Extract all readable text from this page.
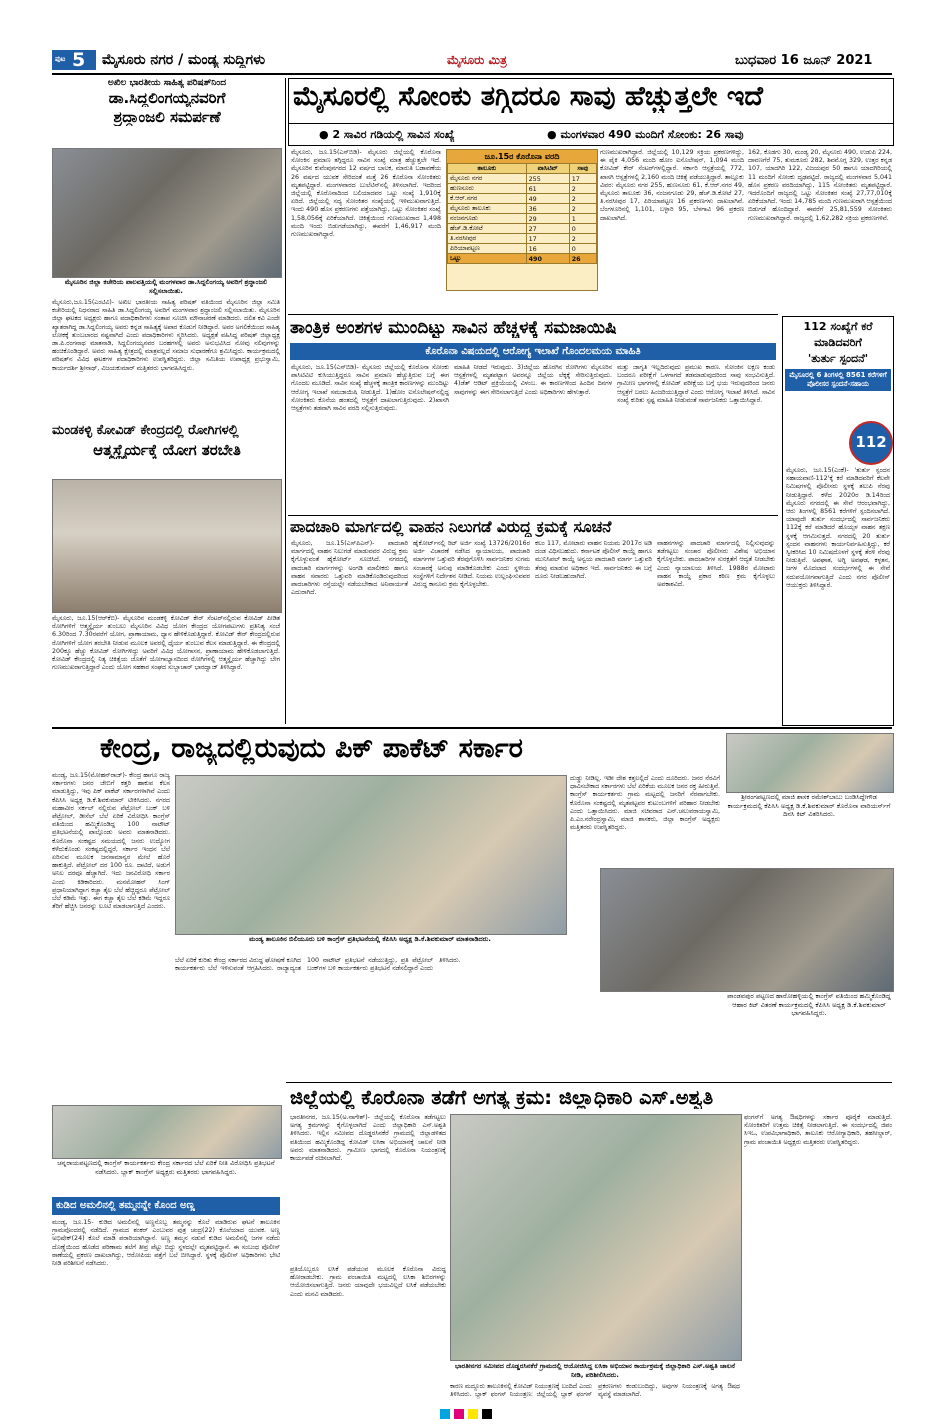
ಪುಟ 5 ಮೈಸೂರು ನಗರ / ಮಂಡ್ಯ ಸುದ್ದಿಗಳು	ಮೈಸೂರು ಮಿತ್ರ	ಬುಧವಾರ 16 ಜೂನ್ 2021
ಅಖಿಲ ಭಾರತೀಯ ಸಾಹಿತ್ಯ ಪರಿಷತ್‌ನಿಂದ
ಡಾ.ಸಿದ್ದಲಿಂಗಯ್ಯನವರಿಗೆ
ಶ್ರದ್ಧಾಂಜಲಿ ಸಮರ್ಪಣೆ
ಮೈಸೂರಿನ ಜಿಲ್ಲಾ ಕಚೇರಿಯ ಪಾಲವತ್ತಿಯಲ್ಲಿ ಮಂಗಳವಾರ ಡಾ.ಸಿದ್ದಲಿಂಗಯ್ಯ ಅವರಿಗೆ ಶ್ರದ್ಧಾಂಜಲಿ ಸಲ್ಲಿಸಲಾಯಿತು.
ಮೈಸೂರು,ಜೂ.15(ಎಂಟಿವಿ)- ಅಖಿಲ ಭಾರತೀಯ ಸಾಹಿತ್ಯ ಪರಿಷತ್ ವತಿಯಿಂದ ಮೈಸೂರಿನ ಜಿಲ್ಲಾ ಸಮಿತಿ ಕಚೇರಿಯಲ್ಲಿ ನಿಧನರಾದ ಸಾಹಿತಿ ಡಾ.ಸಿದ್ದಲಿಂಗಯ್ಯ ಅವರಿಗೆ ಮಂಗಳವಾರ ಶ್ರದ್ಧಾಂಜಲಿ ಸಲ್ಲಿಸಲಾಯಿತು. ಮೈಸೂರಿನ ಜಿಲ್ಲಾ ಘಟಕದ ಅಧ್ಯಕ್ಷರು ಹಾಗೂ ಪದಾಧಿಕಾರಿಗಳು ಸಂತಾಪ ಸೂಚಿಸಿ ಮೌನಾಚರಣೆ ಮಾಡಿದರು. ದಲಿತ ಕವಿ ಎಂದೇ ಖ್ಯಾತರಾಗಿದ್ದ ಡಾ.ಸಿದ್ದಲಿಂಗಯ್ಯ ಅವರು ಕನ್ನಡ ಸಾಹಿತ್ಯಕ್ಕೆ ಅಪಾರ ಕೊಡುಗೆ ನೀಡಿದ್ದಾರೆ. ಅವರ ಅಗಲಿಕೆಯಿಂದ ಸಾಹಿತ್ಯ ಲೋಕಕ್ಕೆ ತುಂಬಲಾರದ ನಷ್ಟವಾಗಿದೆ ಎಂದು ಪದಾಧಿಕಾರಿಗಳು ಸ್ಮರಿಸಿದರು. ಅಧ್ಯಕ್ಷತೆ ವಹಿಸಿದ್ದ ಪರಿಷತ್ ಜಿಲ್ಲಾಧ್ಯಕ್ಷ ಡಾ.ಪಿ.ರಂಗನಾಥ ಮಾತನಾಡಿ, ಸಿದ್ದಲಿಂಗಯ್ಯನವರ ಬರಹಗಳಲ್ಲಿ ಅವರು ಅನುಭವಿಸಿದ ನೋವು ನಲಿವುಗಳನ್ನು ಹಂಚಿಕೊಂಡಿದ್ದಾರೆ. ಅವರು ಸಾಹಿತ್ಯ ಕ್ಷೇತ್ರದಲ್ಲಿ ಮಾತ್ರವಲ್ಲದೆ ಸಮಾಜ ಸುಧಾರಣೆಗೂ ಶ್ರಮಿಸಿದ್ದರು. ಕಾರ್ಯಕ್ರಮದಲ್ಲಿ ಪರಿಷತ್‌ನ ವಿವಿಧ ಘಟಕಗಳ ಪದಾಧಿಕಾರಿಗಳು ಉಪಸ್ಥಿತರಿದ್ದರು. ಜಿಲ್ಲಾ ಸಮಿತಿಯ ಉಪಾಧ್ಯಕ್ಷ ಪ್ರಭುಸ್ವಾಮಿ, ಕಾರ್ಯದರ್ಶಿ ಶ್ರೀನಾಥ್, ವಿಜಯಕುಮಾರ್ ಮತ್ತಿತರರು ಭಾಗವಹಿಸಿದ್ದರು.
ಮಂಡಕಳ್ಳಿ ಕೋವಿಡ್ ಕೇಂದ್ರದಲ್ಲಿ ರೋಗಿಗಳಲ್ಲಿ
ಆತ್ಮಸ್ಥೈರ್ಯಕ್ಕೆ ಯೋಗ ತರಬೇತಿ
ಮೈಸೂರು, ಜೂ.15(ಆರ್‌ಕೆಬಿ)- ಮೈಸೂರಿನ ಮಂಡಕಳ್ಳಿ ಕೋವಿಡ್ ಕೇರ್ ಸೆಂಟರ್‌ನಲ್ಲಿರುವ ಕೋವಿಡ್ ಪೀಡಿತ ರೋಗಿಗಳಿಗೆ ಆತ್ಮಸ್ಥೈರ್ಯ ತುಂಬಲು ಮೈಸೂರಿನ ವಿವಿಧ ಯೋಗ ಕೇಂದ್ರದ ಯೋಗಪಟುಗಳು ಪ್ರತಿನಿತ್ಯ ಸಂಜೆ 6.30ರಿಂದ 7.30ರವರೆಗೆ ಯೋಗ, ಪ್ರಾಣಾಯಾಮ, ಧ್ಯಾನ ಹೇಳಿಕೊಡುತ್ತಿದ್ದಾರೆ. ಕೋವಿಡ್ ಕೇರ್ ಕೇಂದ್ರದಲ್ಲಿರುವ ರೋಗಿಗಳಿಗೆ ಯೋಗ ತರಬೇತಿ ನೀಡುವ ಮೂಲಕ ಅವರಲ್ಲಿ ಧೈರ್ಯ ತುಂಬುವ ಕೆಲಸ ಮಾಡುತ್ತಿದ್ದಾರೆ. ಈ ಕೇಂದ್ರದಲ್ಲಿ 200ಕ್ಕೂ ಹೆಚ್ಚು ಕೋವಿಡ್ ರೋಗಿಗಳಿದ್ದು ಅವರಿಗೆ ವಿವಿಧ ಯೋಗಾಸನ, ಪ್ರಾಣಾಯಾಮ ಹೇಳಿಕೊಡಲಾಗುತ್ತಿದೆ. ಕೋವಿಡ್ ಕೇಂದ್ರದಲ್ಲಿ ನಿತ್ಯ ಚಿಕಿತ್ಸೆಯ ಜೊತೆಗೆ ಯೋಗಾಭ್ಯಾಸದಿಂದ ರೋಗಿಗಳಲ್ಲಿ ಆತ್ಮಸ್ಥೈರ್ಯ ಹೆಚ್ಚಾಗಿದ್ದು ಬೇಗ ಗುಣಮುಖರಾಗುತ್ತಿದ್ದಾರೆ ಎಂದು ಯೋಗ ಸಹಕಾರ ಸಂಘದ ಸುಬ್ಬಾಚಾರ್ ಭಾರದ್ವಾಜ್ ತಿಳಿಸಿದ್ದಾರೆ.
ಮೈಸೂರಲ್ಲಿ ಸೋಂಕು ತಗ್ಗಿದರೂ ಸಾವು ಹೆಚ್ಚುತ್ತಲೇ ಇದೆ
● 2 ಸಾವಿರ ಗಡಿಯಲ್ಲಿ ಸಾವಿನ ಸಂಖ್ಯೆ	● ಮಂಗಳವಾರ 490 ಮಂದಿಗೆ ಸೋಂಕು: 26 ಸಾವು
ಮೈಸೂರು, ಜೂ.15(ಎಸ್‌ಬಿಡಿ)- ಮೈಸೂರು ಜಿಲ್ಲೆಯಲ್ಲಿ ಕೊರೊನಾ ಸೋಂಕಿನ ಪ್ರಮಾಣ ತಗ್ಗಿದ್ದರೂ ಸಾವಿನ ಸಂಖ್ಯೆ ಮಾತ್ರ ಹೆಚ್ಚುತ್ತಲೇ ಇದೆ. ಮೈಸೂರಿನ ಕುವೆಂಪುನಗರದ 12 ವರ್ಷದ ಬಾಲಕ, ಮಾರುತಿ ಬಡಾವಣೆಯ 26 ವರ್ಷದ ಯುವಕ ಸೇರಿದಂತೆ ಮತ್ತೆ 26 ಕೊರೊನಾ ಸೋಂಕಿತರು ಮೃತಪಟ್ಟಿದ್ದಾರೆ. ಮಂಗಳವಾರದ ಬುಲೆಟಿನ್‌ನಲ್ಲಿ ತಿಳಿಸಲಾಗಿದೆ. ಇದರಿಂದ ಜಿಲ್ಲೆಯಲ್ಲಿ ಕೊರೊನಾದಿಂದ ಬಲಿಯಾದವರ ಒಟ್ಟು ಸಂಖ್ಯೆ 1,910ಕ್ಕೆ ಏರಿದೆ. ಜಿಲ್ಲೆಯಲ್ಲಿ ಸದ್ಯ ಸೋಂಕಿತರ ಸಂಖ್ಯೆಯಲ್ಲಿ ಇಳಿಮುಖವಾಗುತ್ತಿದೆ. ಇಂದು 490 ಹೊಸ ಪ್ರಕರಣಗಳು ಪತ್ತೆಯಾಗಿದ್ದು, ಒಟ್ಟು ಸೋಂಕಿತರ ಸಂಖ್ಯೆ 1,58,056ಕ್ಕೆ ಏರಿಕೆಯಾಗಿದೆ. ಚಿಕಿತ್ಸೆಯಿಂದ ಗುಣಮುಖರಾದ 1,498 ಮಂದಿ ಇಂದು ಬಿಡುಗಡೆಯಾಗಿದ್ದು, ಈವರೆಗೆ 1,46,917 ಮಂದಿ ಗುಣಮುಖರಾಗಿದ್ದಾರೆ.
ಜೂ.15ರ ಕೊರೊನಾ ವರದಿ
ತಾಲೂಕು	ಪಾಸಿಟಿವ್	ಸಾವು
ಮೈಸೂರು ನಗರ	255	17
ಹುಣಸೂರು	61	2
ಕೆ.ಆರ್.ನಗರ	49	2
ಮೈಸೂರು ತಾಲೂಕು	36	2
ನಂಜನಗೂಡು	29	1
ಹೆಚ್.ಡಿ.ಕೋಟೆ	27	0
ತಿ.ನರಸೀಪುರ	17	2
ಪಿರಿಯಾಪಟ್ಟಣ	16	0
ಒಟ್ಟು	490	26
ಗುಣಮುಖರಾಗಿದ್ದಾರೆ. ಜಿಲ್ಲೆಯಲ್ಲಿ 10,129 ಸಕ್ರಿಯ ಪ್ರಕರಣಗಳಿದ್ದು, ಈ ಪೈಕಿ 4,056 ಮಂದಿ ಹೋಂ ಐಸೊಲೇಷನ್, 1,094 ಮಂದಿ ಕೋವಿಡ್ ಕೇರ್ ಸೆಂಟರ್‌ಗಳಲ್ಲಿದ್ದಾರೆ. ಸರ್ಕಾರಿ ಆಸ್ಪತ್ರೆಯಲ್ಲಿ 772, ಖಾಸಗಿ ಆಸ್ಪತ್ರೆಗಳಲ್ಲಿ 2,160 ಮಂದಿ ಚಿಕಿತ್ಸೆ ಪಡೆಯುತ್ತಿದ್ದಾರೆ. ತಾಲ್ಲೂಕು ವಿವರ: ಮೈಸೂರು ನಗರ 255, ಹುಣಸೂರು 61, ಕೆ.ಆರ್.ನಗರ 49, ಮೈಸೂರು ತಾಲೂಕು 36, ನಂಜನಗೂಡು 29, ಹೆಚ್.ಡಿ.ಕೋಟೆ 27, ತಿ.ನರಸೀಪುರ 17, ಪಿರಿಯಾಪಟ್ಟಣ 16 ಪ್ರಕರಣಗಳು ದಾಖಲಾಗಿವೆ. ಬೆಂಗಳೂರಿನಲ್ಲಿ 1,101, ಬಳ್ಳಾರಿ 95, ಬೆಳಗಾವಿ 96 ಪ್ರಕರಣ ದಾಖಲಾಗಿದೆ.
162, ಕೊಡಗು 30, ಮಂಡ್ಯ 20, ಮೈಸೂರು 490, ಉಡುಪಿ 224, ದಾವಣಗೆರೆ 75, ತುಮಕೂರು 282, ಶಿವಮೊಗ್ಗ 329, ಉತ್ತರ ಕನ್ನಡ 107, ಯಾದಗಿರಿ 122, ವಿಜಯಪುರ 50 ಹಾಗೂ ಯಾದಗಿರಿಯಲ್ಲಿ 11 ಮಂದಿಗೆ ಸೋಂಕು ದೃಢಪಟ್ಟಿದೆ. ರಾಜ್ಯದಲ್ಲಿ ಮಂಗಳವಾರ 5,041 ಹೊಸ ಪ್ರಕರಣ ವರದಿಯಾಗಿದ್ದು, 115 ಸೋಂಕಿತರು ಮೃತಪಟ್ಟಿದ್ದಾರೆ. ಇದರೊಂದಿಗೆ ರಾಜ್ಯದಲ್ಲಿ ಒಟ್ಟು ಸೋಂಕಿತರ ಸಂಖ್ಯೆ 27,77,010ಕ್ಕೆ ಏರಿಕೆಯಾಗಿದೆ. ಇಂದು 14,785 ಮಂದಿ ಗುಣಮುಖರಾಗಿ ಆಸ್ಪತ್ರೆಯಿಂದ ಬಿಡುಗಡೆ ಹೊಂದಿದ್ದಾರೆ. ಈವರೆಗೆ 25,81,559 ಸೋಂಕಿತರು ಗುಣಮುಖರಾಗಿದ್ದಾರೆ. ರಾಜ್ಯದಲ್ಲಿ 1,62,282 ಸಕ್ರಿಯ ಪ್ರಕರಣಗಳಿವೆ.
ತಾಂತ್ರಿಕ ಅಂಶಗಳ ಮುಂದಿಟ್ಟು ಸಾವಿನ ಹೆಚ್ಚಳಕ್ಕೆ ಸಮಜಾಯಿಷಿ
ಕೊರೊನಾ ವಿಷಯದಲ್ಲಿ ಆರೋಗ್ಯ ಇಲಾಖೆ ಗೊಂದಲಮಯ ಮಾಹಿತಿ
ಮೈಸೂರು, ಜೂ.15(ಎಸ್‌ಬಿಡಿ)- ಮೈಸೂರು ಜಿಲ್ಲೆಯಲ್ಲಿ ಕೊರೊನಾ ಸೋಂಕು ಪಾಸಿಟಿವಿಟಿ ಕುಸಿಯುತ್ತಿದ್ದರೂ ಸಾವಿನ ಪ್ರಮಾಣ ಹೆಚ್ಚುತ್ತಿರುವ ಬಗ್ಗೆ ಈಗ ಗೊಂದಲ ಮೂಡಿದೆ. ಸಾವಿನ ಸಂಖ್ಯೆ ಹೆಚ್ಚಳಕ್ಕೆ ತಾಂತ್ರಿಕ ಕಾರಣಗಳನ್ನು ಮುಂದಿಟ್ಟು ಆರೋಗ್ಯ ಇಲಾಖೆ ಸಮಜಾಯಿಷಿ ನೀಡುತ್ತಿದೆ. 1)ಹೋಂ ಐಸೊಲೇಷನ್‌ನಲ್ಲಿದ್ದ ಸೋಂಕಿತರು ಕೊನೆಯ ಹಂತದಲ್ಲಿ ಆಸ್ಪತ್ರೆಗೆ ದಾಖಲಾಗುತ್ತಿರುವುದು. 2)ಖಾಸಗಿ ಆಸ್ಪತ್ರೆಗಳು ತಡವಾಗಿ ಸಾವಿನ ವರದಿ ಸಲ್ಲಿಸುತ್ತಿರುವುದು.
ಮಾಹಿತಿ ನೀಡದೆ ಇರುವುದು. 3)ಜಿಲ್ಲೆಯ ಹೊರಗಿನ ರೋಗಿಗಳು ಮೈಸೂರಿನ ಆಸ್ಪತ್ರೆಗಳಲ್ಲಿ ಮೃತಪಟ್ಟಾಗ ಅವರನ್ನೂ ಜಿಲ್ಲೆಯ ಲೆಕ್ಕಕ್ಕೆ ಸೇರಿಸುತ್ತಿರುವುದು. 4)ಡೆತ್ ಆಡಿಟ್ ಪ್ರಕ್ರಿಯೆಯಲ್ಲಿ ವಿಳಂಬ. ಈ ಕಾರಣಗಳಿಂದ ಹಿಂದಿನ ದಿನಗಳ ಸಾವುಗಳನ್ನು ಈಗ ಸೇರಿಸಲಾಗುತ್ತಿದೆ ಎಂದು ಅಧಿಕಾರಿಗಳು ಹೇಳುತ್ತಾರೆ.
ಮತ್ತು ಜಾಗೃತಿ ಇಲ್ಲದಿರುವುದು ಪ್ರಮುಖ ಕಾರಣ. ಸೋಂಕಿನ ಲಕ್ಷಣ ಕಂಡು ಬಂದರೂ ಪರೀಕ್ಷೆಗೆ ಒಳಗಾಗದೆ ತಡಮಾಡುವುದರಿಂದ ಸಾವು ಸಂಭವಿಸುತ್ತಿದೆ. ಗ್ರಾಮೀಣ ಭಾಗಗಳಲ್ಲಿ ಕೋವಿಡ್ ಪರೀಕ್ಷೆಯ ಬಗ್ಗೆ ಭಯ ಇರುವುದರಿಂದ ಜನರು ಆಸ್ಪತ್ರೆಗೆ ಬರಲು ಹಿಂಜರಿಯುತ್ತಿದ್ದಾರೆ ಎಂದು ಆರೋಗ್ಯ ಇಲಾಖೆ ತಿಳಿಸಿದೆ. ಸಾವಿನ ಸಂಖ್ಯೆ ಕುರಿತು ಸ್ಪಷ್ಟ ಮಾಹಿತಿ ನೀಡುವಂತೆ ಸಾರ್ವಜನಿಕರು ಒತ್ತಾಯಿಸಿದ್ದಾರೆ.
112 ಸಂಖ್ಯೆಗೆ ಕರೆ
ಮಾಡಿದವರಿಗೆ
'ತುರ್ತು ಸ್ಪಂದನೆ'
ಮೈಸೂರಲ್ಲಿ 6 ತಿಂಗಳಲ್ಲಿ 8561 ಕರೆಗಳಿಗೆ ಪೊಲೀಸರ ಸ್ಪಂದನೆ-ಸಹಾಯ
112
ಮೈಸೂರು, ಜೂ.15(ಎಂಕೆ)- 'ತುರ್ತು ಸ್ಪಂದನ ಸಹಾಯವಾಣಿ-112'ಕ್ಕೆ ಕರೆ ಮಾಡಿದವರಿಗೆ ಕೆಲವೇ ನಿಮಿಷಗಳಲ್ಲಿ ಪೊಲೀಸರು ಸ್ಥಳಕ್ಕೆ ತಲುಪಿ ನೆರವು ನೀಡುತ್ತಿದ್ದಾರೆ. ಕಳೆದ 2020ರ ಡಿ.14ರಿಂದ ಮೈಸೂರು ನಗರದಲ್ಲಿ ಈ ಸೇವೆ ಆರಂಭವಾಗಿದ್ದು, ಆರು ತಿಂಗಳಲ್ಲಿ 8561 ಕರೆಗಳಿಗೆ ಸ್ಪಂದಿಸಲಾಗಿದೆ. ಯಾವುದೇ ತುರ್ತು ಸಂದರ್ಭದಲ್ಲಿ ಸಾರ್ವಜನಿಕರು 112ಕ್ಕೆ ಕರೆ ಮಾಡಿದರೆ ಹೊಯ್ಸಳ ವಾಹನ ತಕ್ಷಣ ಸ್ಥಳಕ್ಕೆ ಆಗಮಿಸುತ್ತದೆ. ನಗರದಲ್ಲಿ 20 ತುರ್ತು ಸ್ಪಂದನ ವಾಹನಗಳು ಕಾರ್ಯನಿರ್ವಹಿಸುತ್ತಿದ್ದು, ಕರೆ ಸ್ವೀಕರಿಸಿದ 10 ನಿಮಿಷದೊಳಗೆ ಸ್ಥಳಕ್ಕೆ ತೆರಳಿ ನೆರವು ನೀಡುತ್ತಿವೆ. ಅಪಘಾತ, ಅಗ್ನಿ ಅವಘಡ, ಕಳ್ಳತನ, ಜಗಳ ಮೊದಲಾದ ಸಂದರ್ಭಗಳಲ್ಲಿ ಈ ಸೇವೆ ಸದುಪಯೋಗವಾಗುತ್ತಿದೆ ಎಂದು ನಗರ ಪೊಲೀಸ್ ಆಯುಕ್ತರು ತಿಳಿಸಿದ್ದಾರೆ.
ಪಾದಚಾರಿ ಮಾರ್ಗದಲ್ಲಿ ವಾಹನ ನಿಲುಗಡೆ ವಿರುದ್ಧ ಕ್ರಮಕ್ಕೆ ಸೂಚನೆ
ಮೈಸೂರು, ಜೂ.15(ಎಸ್‌ಪಿಎನ್)- ಪಾದಚಾರಿ ಮಾರ್ಗದಲ್ಲಿ ವಾಹನ ನಿಲುಗಡೆ ಮಾಡುವವರ ವಿರುದ್ಧ ಕ್ರಮ ಕೈಗೊಳ್ಳುವಂತೆ ಹೈಕೋರ್ಟ್ ಸೂಚಿಸಿದೆ. ನಗರದಲ್ಲಿ ಪಾದಚಾರಿ ಮಾರ್ಗಗಳನ್ನು ಅಂಗಡಿ ಮಾಲೀಕರು ಹಾಗೂ ವಾಹನ ಸವಾರರು ಒತ್ತುವರಿ ಮಾಡಿಕೊಂಡಿರುವುದರಿಂದ ಪಾದಚಾರಿಗಳು ರಸ್ತೆಯಲ್ಲೇ ನಡೆಯಬೇಕಾದ ಅನಿವಾರ್ಯತೆ ಎದುರಾಗಿದೆ.
ಹೈಕೋರ್ಟ್‌ನಲ್ಲಿ ರಿಟ್ ಅರ್ಜಿ ಸಂಖ್ಯೆ 13726/2016ರ ಅರ್ಜಿ ವಿಚಾರಣೆ ನಡೆಸಿದ ನ್ಯಾಯಾಲಯ, ಪಾದಚಾರಿ ಮಾರ್ಗಗಳ ಒತ್ತುವರಿ ತೆರವುಗೊಳಿಸಿ ಸಾರ್ವಜನಿಕರ ಸುಗಮ ಸಂಚಾರಕ್ಕೆ ಅನುವು ಮಾಡಿಕೊಡಬೇಕು ಎಂದು ಸ್ಥಳೀಯ ಸಂಸ್ಥೆಗಳಿಗೆ ನಿರ್ದೇಶನ ನೀಡಿದೆ. ನಿಯಮ ಉಲ್ಲಂಘಿಸುವವರ ವಿರುದ್ಧ ಕಾನೂನು ಕ್ರಮ ಕೈಗೊಳ್ಳಬೇಕು.
ಕಲಂ 117, ಮೋಟಾರು ವಾಹನ ನಿಯಮ 2017ರ ಅಡಿ ದಂಡ ವಿಧಿಸಬಹುದು. ಕರ್ನಾಟಕ ಪೊಲೀಸ್ ಕಾಯ್ದೆ ಹಾಗೂ ಮುನಿಸಿಪಲ್ ಕಾಯ್ದೆ ಅನ್ವಯ ಪಾದಚಾರಿ ಮಾರ್ಗ ಒತ್ತುವರಿ ತೆರವು ಮಾಡುವ ಅಧಿಕಾರ ಇದೆ. ಸಾರ್ವಜನಿಕರು ಈ ಬಗ್ಗೆ ದೂರು ನೀಡಬಹುದಾಗಿದೆ.
ವಾಹನಗಳನ್ನು ಪಾದಚಾರಿ ಮಾರ್ಗದಲ್ಲಿ ನಿಲ್ಲಿಸುವುದನ್ನು ತಡೆಗಟ್ಟಲು ಸಂಚಾರ ಪೊಲೀಸರು ವಿಶೇಷ ಅಭಿಯಾನ ಕೈಗೊಳ್ಳಬೇಕು. ಪಾದಚಾರಿಗಳ ಸುರಕ್ಷತೆಗೆ ಆದ್ಯತೆ ನೀಡಬೇಕು ಎಂದು ನ್ಯಾಯಾಲಯ ತಿಳಿಸಿದೆ. 1988ರ ಮೋಟಾರು ವಾಹನ ಕಾಯ್ದೆ ಪ್ರಕಾರ ಕಠಿಣ ಕ್ರಮ ಕೈಗೊಳ್ಳಲು ಅವಕಾಶವಿದೆ.
ಕೇಂದ್ರ, ರಾಜ್ಯದಲ್ಲಿರುವುದು ಪಿಕ್ ಪಾಕೆಟ್ ಸರ್ಕಾರ
ಮಂಡ್ಯ, ಜೂ.15(ಮೋಹನ್‌ರಾಜ್)- ಕೇಂದ್ರ ಹಾಗೂ ರಾಜ್ಯ ಸರ್ಕಾರಗಳು ಜನರ ಜೇಬಿಗೆ ಕತ್ತರಿ ಹಾಕುವ ಕೆಲಸ ಮಾಡುತ್ತಿದ್ದು, ಇವು ಪಿಕ್ ಪಾಕೆಟ್ ಸರ್ಕಾರಗಳಾಗಿವೆ ಎಂದು ಕೆಪಿಸಿಸಿ ಅಧ್ಯಕ್ಷ ಡಿ.ಕೆ.ಶಿವಕುಮಾರ್ ಟೀಕಿಸಿದರು. ನಗರದ ಮಹಾವೀರ ಸರ್ಕಲ್ ನಲ್ಲಿರುವ ಪೆಟ್ರೋಲ್ ಬಂಕ್ ಬಳಿ ಪೆಟ್ರೋಲ್, ಡೀಸೆಲ್ ಬೆಲೆ ಏರಿಕೆ ವಿರೋಧಿಸಿ ಕಾಂಗ್ರೆಸ್ ವತಿಯಿಂದ ಹಮ್ಮಿಕೊಂಡಿದ್ದ 100 ನಾಟೌಟ್ ಪ್ರತಿಭಟನೆಯಲ್ಲಿ ಪಾಲ್ಗೊಂಡು ಅವರು ಮಾತನಾಡಿದರು. ಕೊರೊನಾ ಸಂಕಷ್ಟದ ಸಮಯದಲ್ಲಿ ಜನರು ಉದ್ಯೋಗ ಕಳೆದುಕೊಂಡು ಸಂಕಷ್ಟದಲ್ಲಿದ್ದರೆ, ಸರ್ಕಾರ ಇಂಧನ ಬೆಲೆ ಏರಿಸುವ ಮೂಲಕ ಜನಸಾಮಾನ್ಯರ ಮೇಲೆ ಹೊರೆ ಹಾಕುತ್ತಿದೆ. ಪೆಟ್ರೋಲ್ ದರ 100 ರೂ. ದಾಟಿದೆ, ಅಡುಗೆ ಅನಿಲ ದರವೂ ಹೆಚ್ಚಾಗಿದೆ. ಇದು ಜನವಿರೋಧಿ ಸರ್ಕಾರ ಎಂದು ಕಿಡಿಕಾರಿದರು. ಮನಮೋಹನ್ ಸಿಂಗ್ ಪ್ರಧಾನಿಯಾಗಿದ್ದಾಗ ಕಚ್ಚಾ ತೈಲ ಬೆಲೆ ಹೆಚ್ಚಿದ್ದರೂ ಪೆಟ್ರೋಲ್ ಬೆಲೆ ಕಡಿಮೆ ಇತ್ತು. ಈಗ ಕಚ್ಚಾ ತೈಲ ಬೆಲೆ ಕಡಿಮೆ ಇದ್ದರೂ ತೆರಿಗೆ ಹೆಚ್ಚಿಸಿ ಜನರನ್ನು ಲೂಟಿ ಮಾಡಲಾಗುತ್ತಿದೆ ಎಂದರು.
ಮಂಡ್ಯ ತಾಲೂಕಿನ ಬಿಲಿಯೂರು ಬಳಿ ಕಾಂಗ್ರೆಸ್ ಪ್ರತಿಭಟನೆಯಲ್ಲಿ ಕೆಪಿಸಿಸಿ ಅಧ್ಯಕ್ಷ ಡಿ.ಕೆ.ಶಿವಕುಮಾರ್ ಮಾತನಾಡಿದರು.
ದುಡ್ಡು ನೀಡಿಲ್ಲ. ಇಡೀ ದೇಶ ಕತ್ತಲಲ್ಲಿದೆ ಎಂದು ದೂರಿದರು. ಜನರ ನೆರವಿಗೆ ಧಾವಿಸಬೇಕಾದ ಸರ್ಕಾರಗಳು ಬೆಲೆ ಏರಿಕೆಯ ಮೂಲಕ ಜನರ ರಕ್ತ ಹೀರುತ್ತಿವೆ. ಕಾಂಗ್ರೆಸ್ ಕಾರ್ಯಕರ್ತರು ಗ್ರಾಮ ಮಟ್ಟದಲ್ಲಿ ಜನರಿಗೆ ನೆರವಾಗಬೇಕು. ಕೊರೊನಾ ಸಂಕಷ್ಟದಲ್ಲಿ ಮೃತಪಟ್ಟವರ ಕುಟುಂಬಗಳಿಗೆ ಪರಿಹಾರ ನೀಡಬೇಕು ಎಂದು ಒತ್ತಾಯಿಸಿದರು. ಮಾಜಿ ಸಚಿವರಾದ ಎನ್.ಚಲುವರಾಯಸ್ವಾಮಿ, ಪಿ.ಎಂ.ನರೇಂದ್ರಸ್ವಾಮಿ, ಮಾಜಿ ಶಾಸಕರು, ಜಿಲ್ಲಾ ಕಾಂಗ್ರೆಸ್ ಅಧ್ಯಕ್ಷರು ಮತ್ತಿತರರು ಉಪಸ್ಥಿತರಿದ್ದರು.
ಬೆಲೆ ಏರಿಕೆ ಕುರಿತು ಕೇಂದ್ರ ಸರ್ಕಾರದ ವಿರುದ್ಧ ಘೋಷಣೆ ಕೂಗಿದ ಕಾರ್ಯಕರ್ತರು ಬೆಲೆ ಇಳಿಸುವಂತೆ ಆಗ್ರಹಿಸಿದರು. ರಾಜ್ಯಾದ್ಯಂತ 100 ನಾಟೌಟ್ ಪ್ರತಿಭಟನೆ ನಡೆಯುತ್ತಿದ್ದು, ಪ್ರತಿ ಪೆಟ್ರೋಲ್ ಬಂಕ್‌ಗಳ ಬಳಿ ಕಾರ್ಯಕರ್ತರು ಪ್ರತಿಭಟನೆ ನಡೆಸಲಿದ್ದಾರೆ ಎಂದು ತಿಳಿಸಿದರು.
ಶ್ರೀರಂಗಪಟ್ಟಣದಲ್ಲಿ ಮಾಜಿ ಶಾಸಕ ರಮೇಶ್‌ಬಾಬು ಬಂಡಿಸಿದ್ದೇಗೌಡ ಕಾರ್ಯಕ್ರಮದಲ್ಲಿ ಕೆಪಿಸಿಸಿ ಅಧ್ಯಕ್ಷ ಡಿ.ಕೆ.ಶಿವಕುಮಾರ್ ಕೊರೊನಾ ವಾರಿಯರ್ಸ್‌ಗೆ ದಿನಸಿ ಕಿಟ್ ವಿತರಿಸಿದರು.
ಪಾಂಡವಪುರ ಪಟ್ಟಣದ ಹಾರೋಹಳ್ಳಿಯಲ್ಲಿ ಕಾಂಗ್ರೆಸ್ ವತಿಯಿಂದ ಹಮ್ಮಿಕೊಂಡಿದ್ದ ಆಹಾರ ಕಿಟ್ ವಿತರಣೆ ಕಾರ್ಯಕ್ರಮದಲ್ಲಿ ಕೆಪಿಸಿಸಿ ಅಧ್ಯಕ್ಷ ಡಿ.ಕೆ.ಶಿವಕುಮಾರ್ ಭಾಗವಹಿಸಿದ್ದರು.
ಚನ್ನರಾಯಪಟ್ಟಣದಲ್ಲಿ ಕಾಂಗ್ರೆಸ್ ಕಾರ್ಯಕರ್ತರು ಕೇಂದ್ರ ಸರ್ಕಾರದ ಬೆಲೆ ಏರಿಕೆ ನೀತಿ ವಿರೋಧಿಸಿ ಪ್ರತಿಭಟನೆ ನಡೆಸಿದರು. ಬ್ಲಾಕ್ ಕಾಂಗ್ರೆಸ್ ಅಧ್ಯಕ್ಷರು ಮತ್ತಿತರರು ಭಾಗವಹಿಸಿದ್ದರು.
ಕುಡಿದ ಅಮಲಿನಲ್ಲಿ ತಮ್ಮನನ್ನೇ ಕೊಂದ ಅಣ್ಣ
ಮಂಡ್ಯ, ಜೂ.15- ಕುಡಿದ ಅಮಲಿನಲ್ಲಿ ಅಣ್ಣನೊಬ್ಬ ತಮ್ಮನನ್ನು ಕೊಲೆ ಮಾಡಿರುವ ಘಟನೆ ತಾಲೂಕಿನ ಗ್ರಾಮವೊಂದರಲ್ಲಿ ನಡೆದಿದೆ. ಗ್ರಾಮದ ಶಂಕರ್ ಎಂಬುವರ ಪುತ್ರ ಚಂದ್ರ(22) ಕೊಲೆಯಾದ ಯುವಕ. ಅಣ್ಣ ಅಭಿಷೇಕ್(24) ಕೊಲೆ ಮಾಡಿ ಪರಾರಿಯಾಗಿದ್ದಾನೆ. ಅಣ್ಣ ತಮ್ಮನ ನಡುವೆ ಕುಡಿದ ಅಮಲಿನಲ್ಲಿ ಜಗಳ ನಡೆದು ದೊಣ್ಣೆಯಿಂದ ಹೊಡೆದ ಪರಿಣಾಮ ತಲೆಗೆ ತೀವ್ರ ಪೆಟ್ಟು ಬಿದ್ದು ಸ್ಥಳದಲ್ಲೇ ಮೃತಪಟ್ಟಿದ್ದಾನೆ. ಈ ಸಂಬಂಧ ಪೊಲೀಸ್ ಠಾಣೆಯಲ್ಲಿ ಪ್ರಕರಣ ದಾಖಲಾಗಿದ್ದು, ಆರೋಪಿಯ ಪತ್ತೆಗೆ ಬಲೆ ಬೀಸಿದ್ದಾರೆ. ಸ್ಥಳಕ್ಕೆ ಪೊಲೀಸ್ ಅಧಿಕಾರಿಗಳು ಭೇಟಿ ನೀಡಿ ಪರಿಶೀಲನೆ ನಡೆಸಿದರು.
ಜಿಲ್ಲೆಯಲ್ಲಿ ಕೊರೊನಾ ತಡೆಗೆ ಅಗತ್ಯ ಕ್ರಮ: ಜಿಲ್ಲಾಧಿಕಾರಿ ಎಸ್.ಅಶ್ವತಿ
ಭಾರತೀನಗರ, ಜೂ.15(ಅ.ನಾಗೇಶ್)- ಜಿಲ್ಲೆಯಲ್ಲಿ ಕೊರೊನಾ ತಡೆಗಟ್ಟಲು ಅಗತ್ಯ ಕ್ರಮಗಳನ್ನು ಕೈಗೊಳ್ಳಲಾಗಿದೆ ಎಂದು ಜಿಲ್ಲಾಧಿಕಾರಿ ಎಸ್.ಅಶ್ವತಿ ತಿಳಿಸಿದರು. ಇಲ್ಲಿನ ಸಮೀಪದ ದೊಡ್ಡರಸಿನಕೆರೆ ಗ್ರಾಮದಲ್ಲಿ ಜಿಲ್ಲಾಡಳಿತದ ವತಿಯಿಂದ ಹಮ್ಮಿಕೊಂಡಿದ್ದ ಕೋವಿಡ್ ಲಸಿಕಾ ಅಭಿಯಾನಕ್ಕೆ ಚಾಲನೆ ನೀಡಿ ಅವರು ಮಾತನಾಡಿದರು. ಗ್ರಾಮೀಣ ಭಾಗದಲ್ಲಿ ಕೊರೊನಾ ನಿಯಂತ್ರಣಕ್ಕೆ ಕಾರ್ಯಪಡೆ ರಚಿಸಲಾಗಿದೆ.
ಪ್ರತಿಯೊಬ್ಬರೂ ಲಸಿಕೆ ಪಡೆಯುವ ಮೂಲಕ ಕೊರೊನಾ ವಿರುದ್ಧ ಹೋರಾಡಬೇಕು. ಗ್ರಾಮ ಪಂಚಾಯಿತಿ ಮಟ್ಟದಲ್ಲಿ ಲಸಿಕಾ ಶಿಬಿರಗಳನ್ನು ಆಯೋಜಿಸಲಾಗುತ್ತಿದೆ. ಜನರು ಯಾವುದೇ ಭಯವಿಲ್ಲದೆ ಲಸಿಕೆ ಪಡೆಯಬೇಕು ಎಂದು ಮನವಿ ಮಾಡಿದರು.
ಭಾರತೀನಗರ ಸಮೀಪದ ದೊಡ್ಡರಸಿನಕೆರೆ ಗ್ರಾಮದಲ್ಲಿ ಆಯೋಜಿಸಿದ್ದ ಲಸಿಕಾ ಅಭಿಯಾನ ಕಾರ್ಯಕ್ರಮಕ್ಕೆ ಜಿಲ್ಲಾಧಿಕಾರಿ ಎಸ್.ಅಶ್ವತಿ ಚಾಲನೆ ನೀಡಿ, ಪರಿಶೀಲಿಸಿದರು.
ಕಾರಣ ಮದ್ದೂರು ತಾಲೂಕಿನಲ್ಲಿ ಕೋವಿಡ್ ನಿಯಂತ್ರಣಕ್ಕೆ ಬಂದಿದೆ ಎಂದು ತಿಳಿಸಿದರು. ಬ್ಲಾಕ್ ಫಂಗಸ್ ನಿಯಂತ್ರಣ: ಜಿಲ್ಲೆಯಲ್ಲಿ ಬ್ಲಾಕ್ ಫಂಗಸ್ ಪ್ರಕರಣಗಳು ಕಂಡುಬಂದಿದ್ದು, ಅವುಗಳ ನಿಯಂತ್ರಣಕ್ಕೆ ಅಗತ್ಯ ಔಷಧ ವ್ಯವಸ್ಥೆ ಮಾಡಲಾಗಿದೆ.
ಫಂಗಸ್‌ಗೆ ಅಗತ್ಯ ಔಷಧಿಗಳನ್ನು ಸರ್ಕಾರ ಪೂರೈಕೆ ಮಾಡುತ್ತಿದೆ. ಸೋಂಕಿತರಿಗೆ ಉತ್ತಮ ಚಿಕಿತ್ಸೆ ನೀಡಲಾಗುತ್ತಿದೆ. ಈ ಸಂದರ್ಭದಲ್ಲಿ ಜಿಪಂ ಸಿಇಒ, ಉಪವಿಭಾಗಾಧಿಕಾರಿ, ತಾಲೂಕು ಆರೋಗ್ಯಾಧಿಕಾರಿ, ತಹಸೀಲ್ದಾರ್, ಗ್ರಾಮ ಪಂಚಾಯಿತಿ ಅಧ್ಯಕ್ಷರು ಮತ್ತಿತರರು ಉಪಸ್ಥಿತರಿದ್ದರು.
